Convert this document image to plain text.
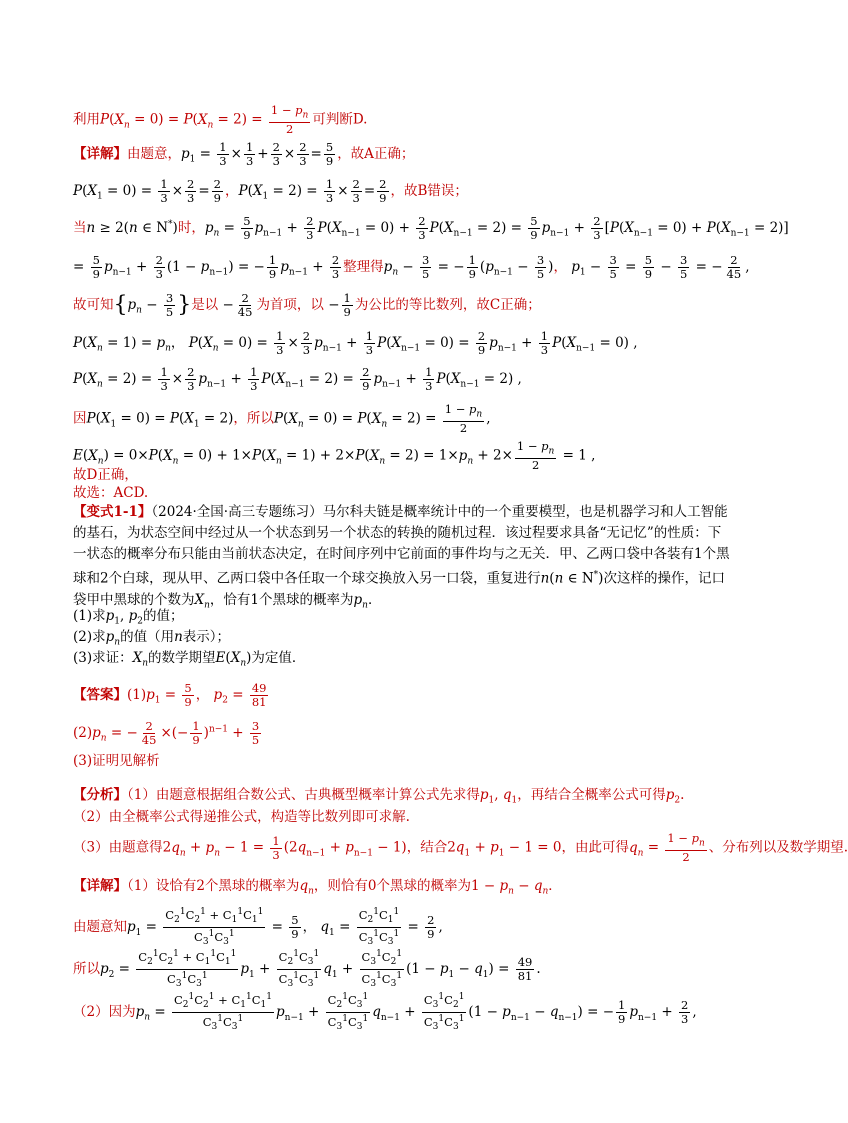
利用$P(X_n = 0) = P(X_n = 2) = \frac{1 - p_n}{2}$ 可判断D.
【详解】由题意，$p_1 = \frac{1}{3} \times \frac{1}{3} + \frac{2}{3} \times \frac{2}{3} = \frac{5}{9}$ ，故A正确；
$P(X_1 = 0) = \frac{1}{3} \times \frac{2}{3} = \frac{2}{9}$ ，$P(X_1 = 2) = \frac{1}{3} \times \frac{2}{3} = \frac{2}{9}$ ，故B错误；
当n ≥ 2(n ∈ N*)时，$p_n = \frac{5}{9} p_{n-1} + \frac{2}{3} P(X_{n-1} = 0) + \frac{2}{3} P(X_{n-1} = 2) = \frac{5}{9} p_{n-1} + \frac{2}{3} [P(X_{n-1} = 0) + P(X_{n-1} = 2)]$
= $\frac{5}{9} p_{n-1} + \frac{2}{3} (1 - p_{n-1})$ = − $\frac{1}{9} p_{n-1} + \frac{2}{3}$ 整理得$p_n - \frac{3}{5}$ = − $\frac{1}{9} (p_{n-1} - \frac{3}{5}$ )， $p_1 - \frac{3}{5} = \frac{5}{9} - \frac{3}{5}$ = − $\frac{2}{45}$ ,
故可知{$p_n - \frac{3}{5}$ }是以 − $\frac{2}{45}$ 为首项，以 − $\frac{1}{9}$ 为公比的等比数列，故C正确；
$P(X_n = 1) = p_n$， $P(X_n = 0) = \frac{1}{3} \times \frac{2}{3} p_{n-1} + \frac{1}{3} P(X_{n-1} = 0) = \frac{2}{9} p_{n-1} + \frac{1}{3} P(X_{n-1} = 0)$ ,
$P(X_n = 2) = \frac{1}{3} \times \frac{2}{3} p_{n-1} + \frac{1}{3} P(X_{n-1} = 2) = \frac{2}{9} p_{n-1} + \frac{1}{3} P(X_{n-1} = 2)$ ,
因$P(X_1 = 0) = P(X_1 = 2)$，所以$P(X_n = 0) = P(X_n = 2) = \frac{1 - p_n}{2}$ ,
$E(X_n) = 0\times P(X_n = 0) + 1\times P(X_n = 1) + 2\times P(X_n = 2) = 1\times p_n + 2\times \frac{1 - p_n}{2} = 1$ ,
故D正确，
故选：ACD.
【变式1-1】（2024·全国·高三专题练习）马尔科夫链是概率统计中的一个重要模型，也是机器学习和人工智能的基石，为状态空间中经过从一个状态到另一个状态的转换的随机过程．该过程要求具备“无记忆”的性质：下一状态的概率分布只能由当前状态决定，在时间序列中它前面的事件均与之无关．甲、乙两口袋中各装有1个黑球和2个白球，现从甲、乙两口袋中各任取一个球交换放入另一口袋，重复进行n(n ∈ N*)次这样的操作，记口袋甲中黑球的个数为$X_n$，恰有1个黑球的概率为$p_n$．
(1)求$p_1$, $p_2$的值；
(2)求$p_n$的值（用n表示）；
(3)求证：$X_n$的数学期望$E(X_n)$为定值．
【答案】$(1)p_1 = \frac{5}{9}$ ， $p_2 = \frac{49}{81}$
$(2)p_n$ = − $\frac{2}{45}$ ×(− $\frac{1}{9} )^{n-1} + \frac{3}{5}$
(3)证明见解析
【分析】（1）由题意根据组合数公式、古典概型概率计算公式先求得$p_1$, $q_1$，再结合全概率公式可得$p_2$.
（2）由全概率公式得递推公式，构造等比数列即可求解.
（3）由题意得$2q_n + p_n - 1 = \frac{1}{3} (2q_{n-1} + p_{n-1} - 1)$，结合$2q_1 + p_1 - 1 = 0$，由此可得$q_n = \frac{1 - p_n}{2}$ 、分布列以及数学期望.
【详解】（1）设恰有2个黑球的概率为$q_n$，则恰有0个黑球的概率为$1 - p_n - q_n$．
由题意知$p_1 = \frac{C_2^1C_2^1 + C_1^1C_1^1}{C_3^1C_3^1} = \frac{5}{9}$ ， $q_1 = \frac{C_2^1C_1^1}{C_3^1C_3^1} = \frac{2}{9}$ ,
所以$p_2 = \frac{C_2^1C_2^1 + C_1^1C_1^1}{C_3^1C_3^1} p_1 + \frac{C_2^1C_3^1}{C_3^1C_3^1} q_1 + \frac{C_3^1C_2^1}{C_3^1C_3^1} (1 - p_1 - q_1) = \frac{49}{81}$ .
（2）因为$p_n = \frac{C_2^1C_2^1 + C_1^1C_1^1}{C_3^1C_3^1} p_{n-1} + \frac{C_2^1C_3^1}{C_3^1C_3^1} q_{n-1} + \frac{C_3^1C_2^1}{C_3^1C_3^1} (1 - p_{n-1} - q_{n-1})$ = − $\frac{1}{9} p_{n-1} + \frac{2}{3}$ ,
